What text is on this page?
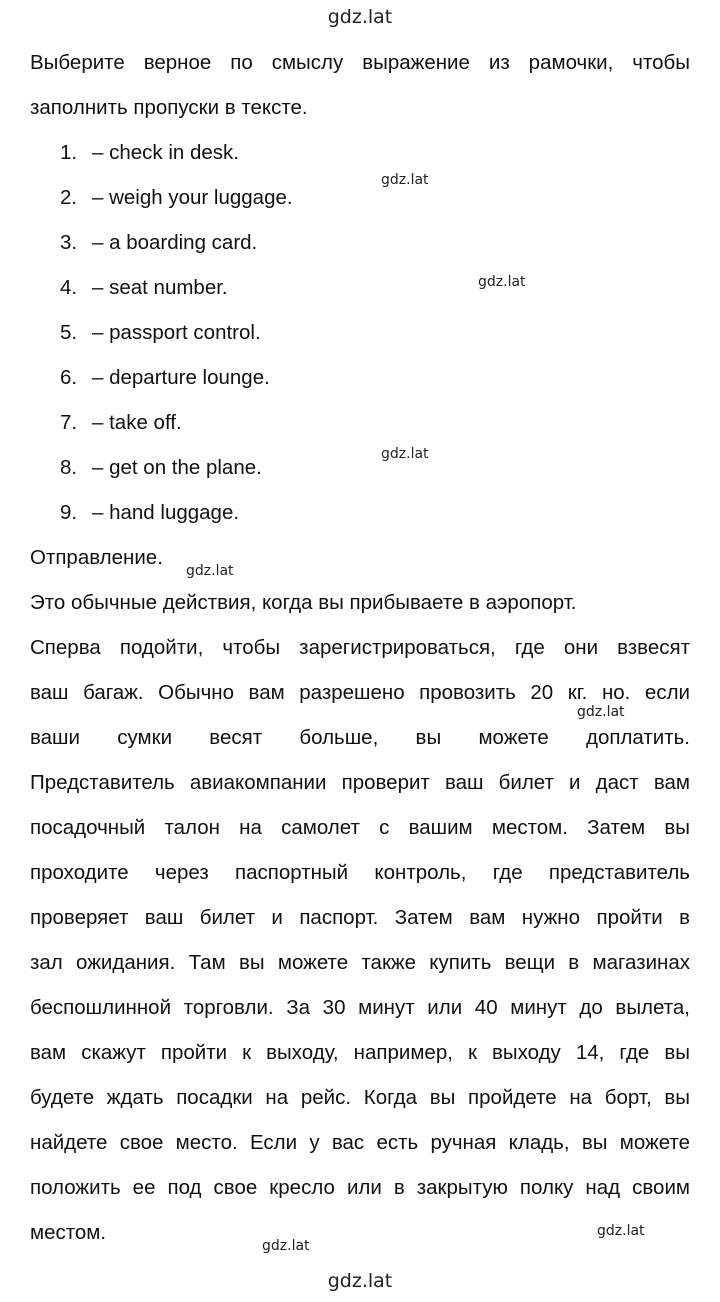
gdz.lat
Выберите верное по смыслу выражение из рамочки, чтобы
заполнить пропуски в тексте.
1. – check in desk.
2. – weigh your luggage.
3. – a boarding card.
4. – seat number.
5. – passport control.
6. – departure lounge.
7. – take off.
8. – get on the plane.
9. – hand luggage.
Отправление.
Это обычные действия, когда вы прибываете в аэропорт.
Сперва подойти, чтобы зарегистрироваться, где они взвесят
ваш багаж. Обычно вам разрешено провозить 20 кг. но. если
ваши сумки весят больше, вы можете доплатить.
Представитель авиакомпании проверит ваш билет и даст вам
посадочный талон на самолет с вашим местом. Затем вы
проходите через паспортный контроль, где представитель
проверяет ваш билет и паспорт. Затем вам нужно пройти в
зал ожидания. Там вы можете также купить вещи в магазинах
беспошлинной торговли. За 30 минут или 40 минут до вылета,
вам скажут пройти к выходу, например, к выходу 14, где вы
будете ждать посадки на рейс. Когда вы пройдете на борт, вы
найдете свое место. Если у вас есть ручная кладь, вы можете
положить ее под свое кресло или в закрытую полку над своим
местом.
gdz.lat
gdz.lat
gdz.lat
gdz.lat
gdz.lat
gdz.lat
gdz.lat
gdz.lat
